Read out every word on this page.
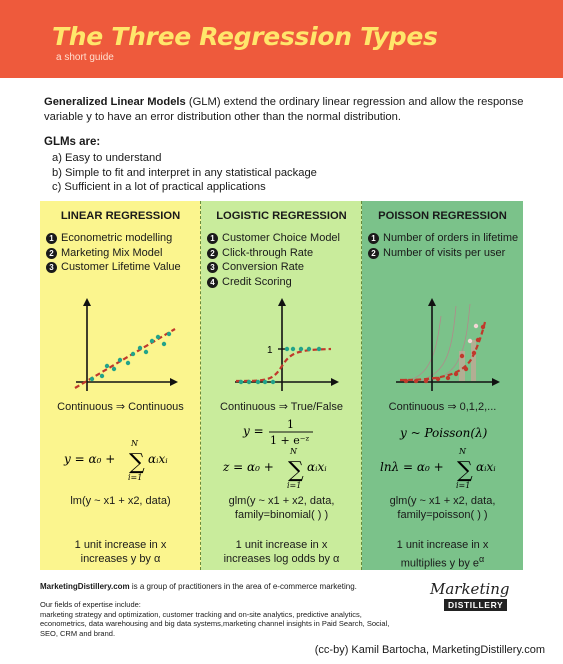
The Three Regression Types
a short guide

Generalized Linear Models (GLM) extend the ordinary linear regression and allow the response variable y to have an error distribution other than the normal distribution.

GLMs are:
a) Easy to understand
b) Simple to fit and interpret in any statistical package
c) Sufficient in a lot of practical applications
LINEAR REGRESSION
1 Econometric modelling
2 Marketing Mix Model
3 Customer Lifetime Value
Continuous ⇒ Continuous
y = α₀ + ∑
N
i=1
αᵢxᵢ
lm(y ~ x1 + x2, data)
1 unit increase in x
increases y by α
LOGISTIC REGRESSION
1 Customer Choice Model
2 Click-through Rate
3 Conversion Rate
4 Credit Scoring
1
Continuous ⇒ True/False
y = 1
1 + e⁻ᶻ
z = α₀ + ∑
N
i=1
αᵢxᵢ
glm(y ~ x1 + x2, data,
family=binomial( ) )
1 unit increase in x
increases log odds by α
POISSON REGRESSION
1 Number of orders in lifetime
2 Number of visits per user
Continuous ⇒ 0,1,2,...
y ~ Poisson(λ)
lnλ = α₀ + ∑
N
i=1
αᵢxᵢ
glm(y ~ x1 + x2, data,
family=poisson( ) )
1 unit increase in x
multiplies y by $e^\alpha$
MarketingDistillery.com is a group of practitioners in the area of e-commerce marketing.
Our fields of expertise include:
marketing strategy and optimization, customer tracking and on-site analytics, predictive analytics, econometrics, data warehousing and big data systems,marketing channel insights in Paid Search, Social, SEO, CRM and brand.
Marketing
DISTILLERY
(cc-by) Kamil Bartocha, MarketingDistillery.com
